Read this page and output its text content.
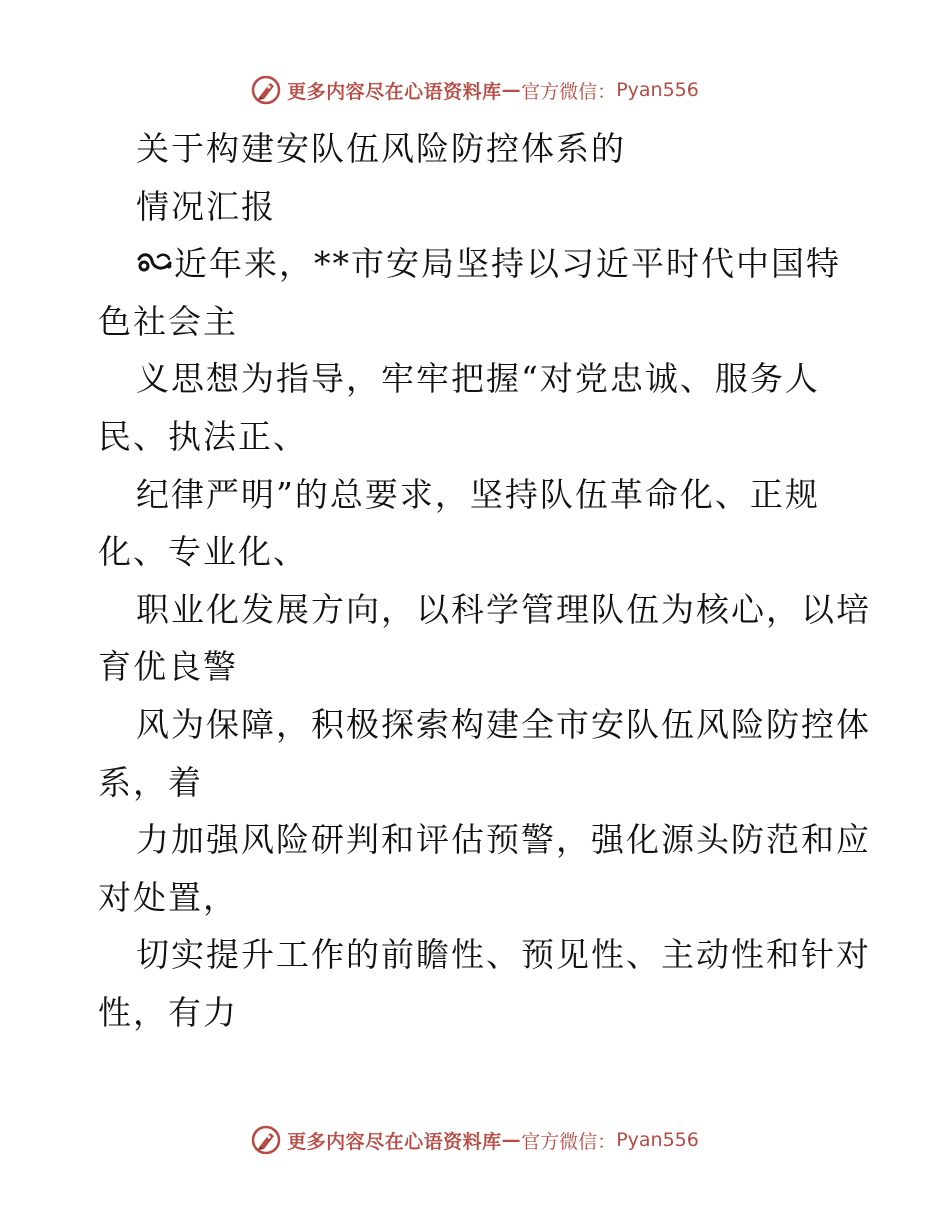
更多内容尽在心语资料库 — 官方微信： Pyan556
关于构建安队伍风险防控体系的
情况汇报
近年来，**市安局坚持以习近平时代中国特
色社会主
义思想为指导，牢牢把握“对党忠诚、服务人
民、执法正、
纪律严明”的总要求，坚持队伍革命化、正规
化、专业化、
职业化发展方向，以科学管理队伍为核心，以培
育优良警
风为保障，积极探索构建全市安队伍风险防控体
系，着
力加强风险研判和评估预警，强化源头防范和应
对处置，
切实提升工作的前瞻性、预见性、主动性和针对
性，有力
更多内容尽在心语资料库 — 官方微信： Pyan556
